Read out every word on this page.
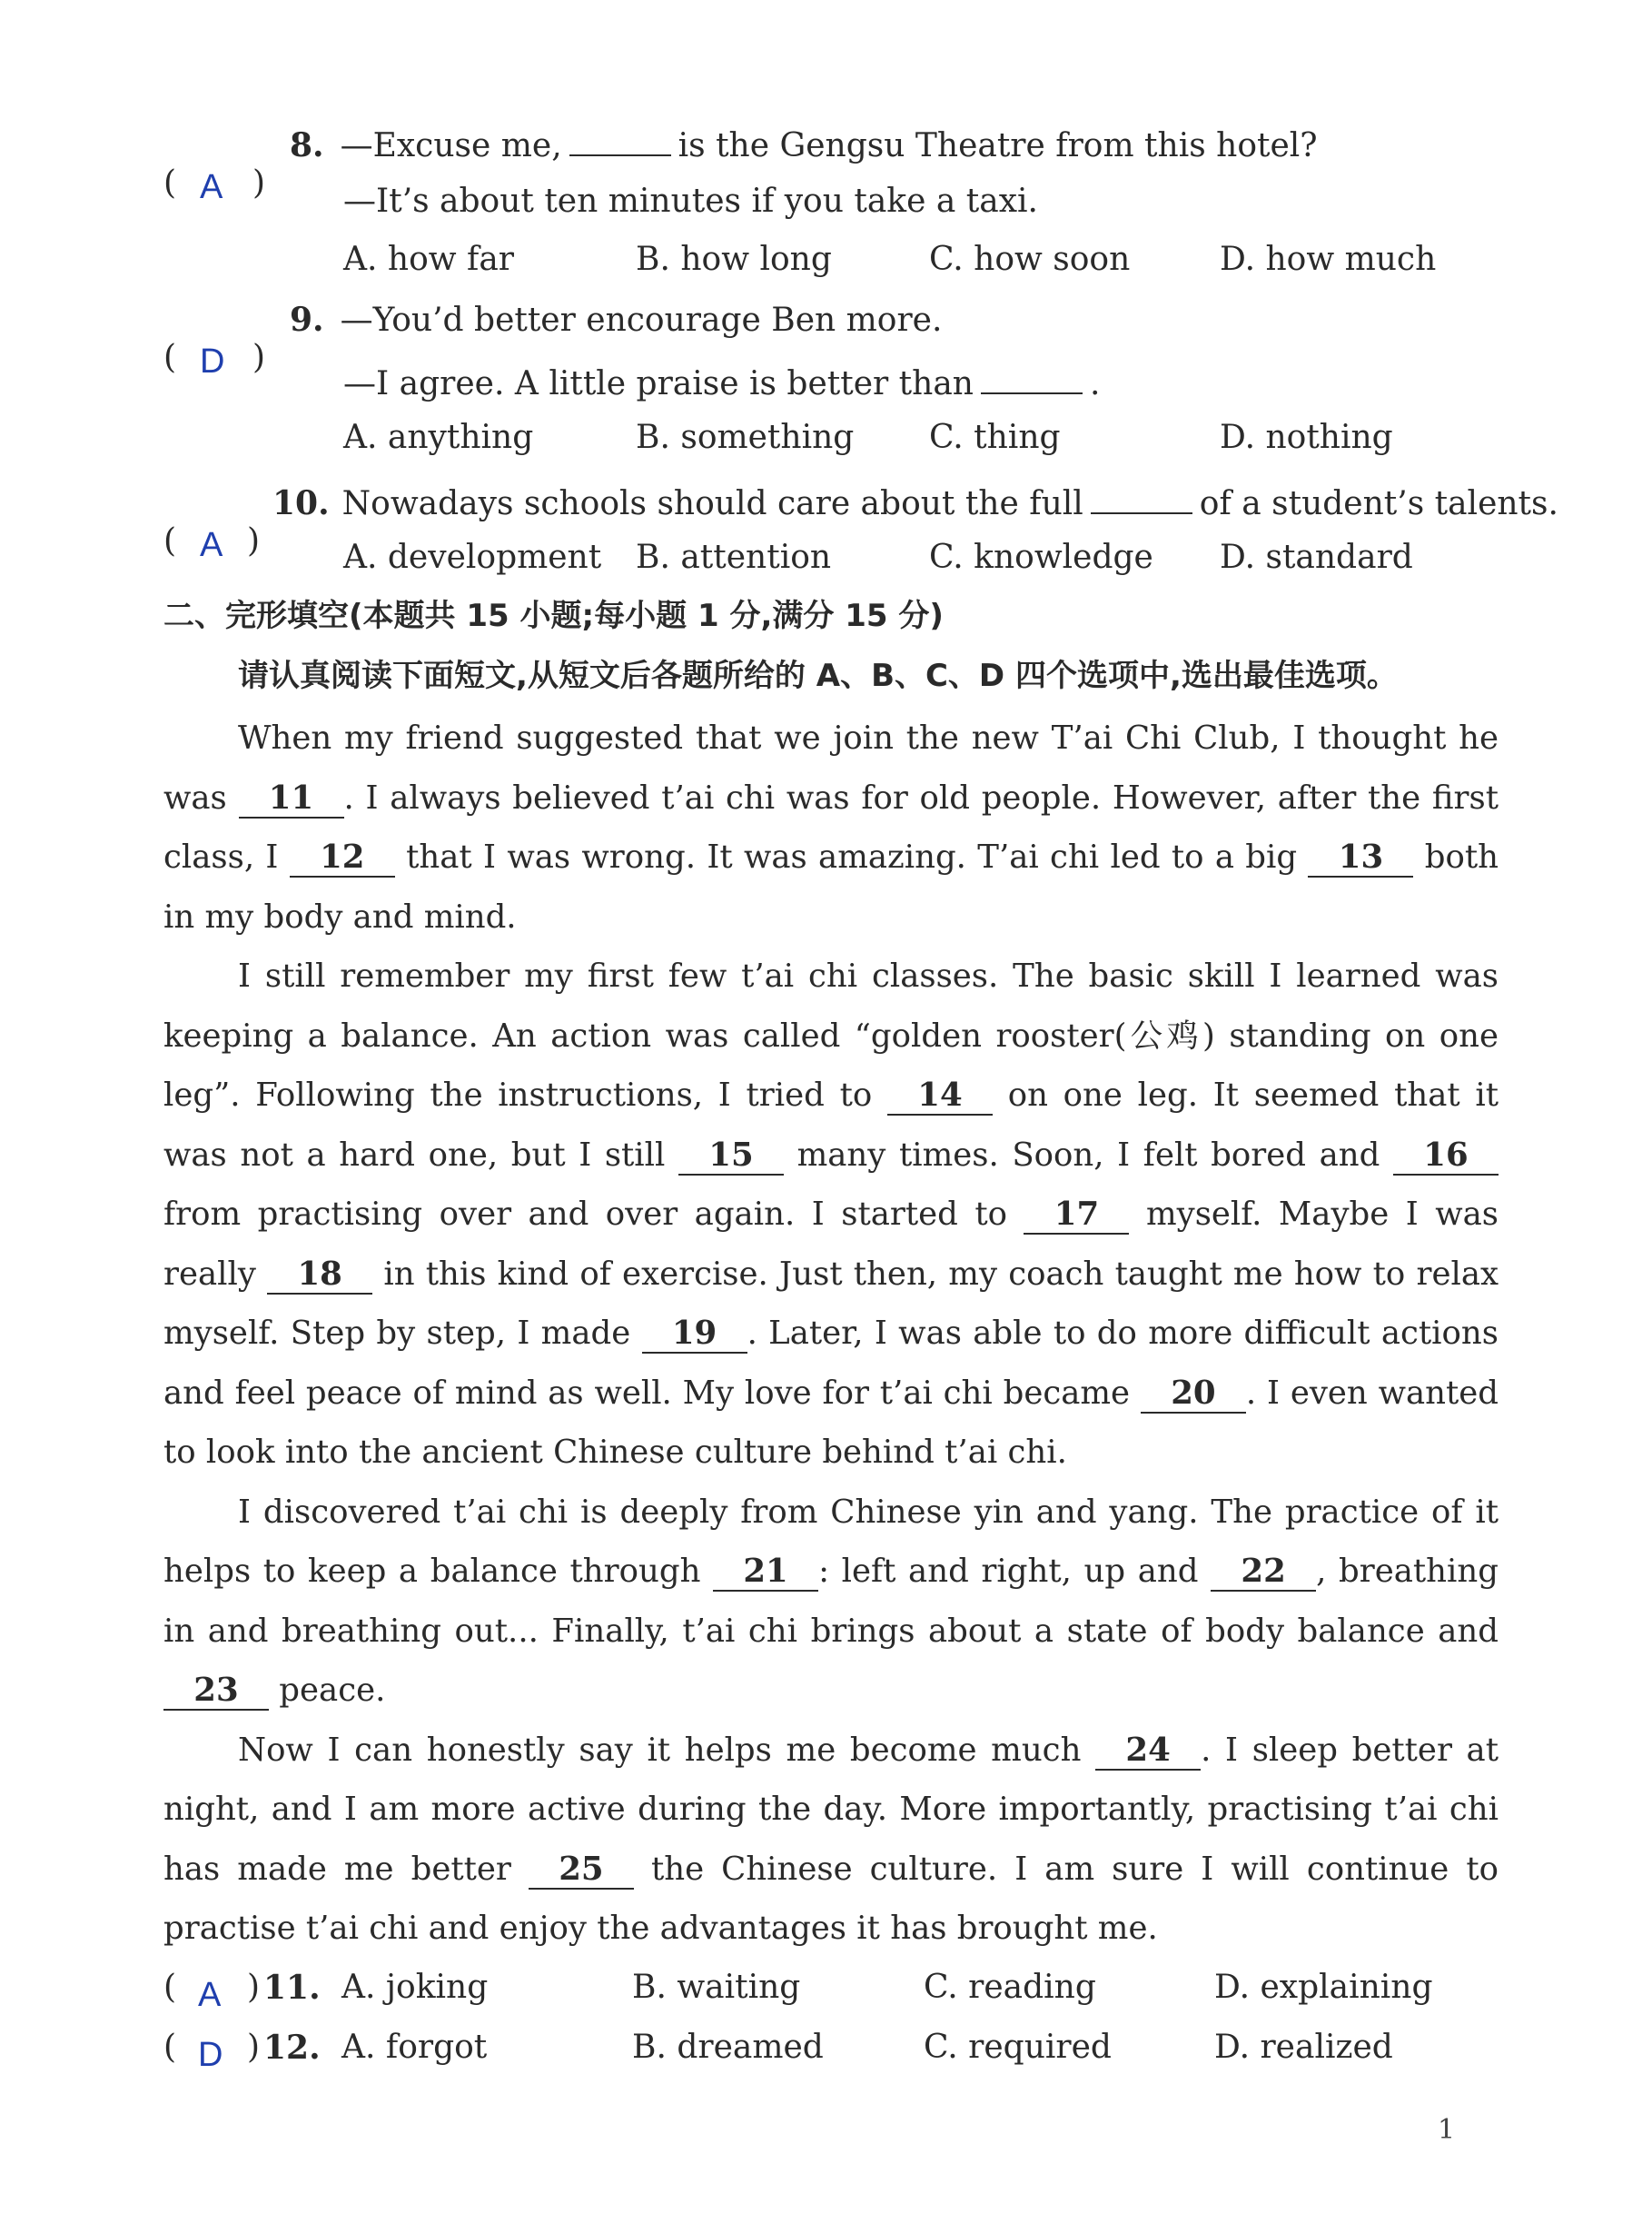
( A )
8. —Excuse me,	is the Gengsu Theatre from this hotel?
—It’s about ten minutes if you take a taxi.
A. how far	B. how long	C. how soon	D. how much
( D )
9. —You’d better encourage Ben more.
—I agree. A little praise is better than	.
A. anything	B. something C. thing	D. nothing
( A )
10. Nowadays schools should care about the full	of a student’s talents.
A. development B. attention	C. knowledge D. standard
二、完形填空(本题共 15 小题;每小题 1 分,满分 15 分)
请认真阅读下面短文,从短文后各题所给的 A、B、C、D 四个选项中,选出最佳选项。

When my friend suggested that we join the new T’ai Chi Club, I thought he was 11 . I always believed t’ai chi was for old people. However, after the first class, I 12 that I was wrong. It was amazing. T’ai chi led to a big 13 both in my body and mind.

I still remember my first few t’ai chi classes. The basic skill I learned was keeping a balance. An action was called “golden rooster(公鸡) standing on one leg”. Following the instructions, I tried to 14 on one leg. It seemed that it was not a hard one, but I still 15 many times. Soon, I felt bored and 16 from practising over and over again. I started to 17 myself. Maybe I was really 18 in this kind of exercise. Just then, my coach taught me how to relax myself. Step by step, I made 19 . Later, I was able to do more difficult actions and feel peace of mind as well. My love for t’ai chi became 20 . I even wanted to look into the ancient Chinese culture behind t’ai chi.

I discovered t’ai chi is deeply from Chinese yin and yang. The practice of it helps to keep a balance through 21 : left and right, up and 22 , breathing in and breathing out... Finally, t’ai chi brings about a state of body balance and 23 peace.

Now I can honestly say it helps me become much 24 . I sleep better at night, and I am more active during the day. More importantly, practising t’ai chi has made me better 25 the Chinese culture. I am sure I will continue to practise t’ai chi and enjoy the advantages it has brought me.

( A ) 11. A. joking	B. waiting	C. reading	D. explaining
( D ) 12. A. forgot	B. dreamed	C. required	D. realized
1
